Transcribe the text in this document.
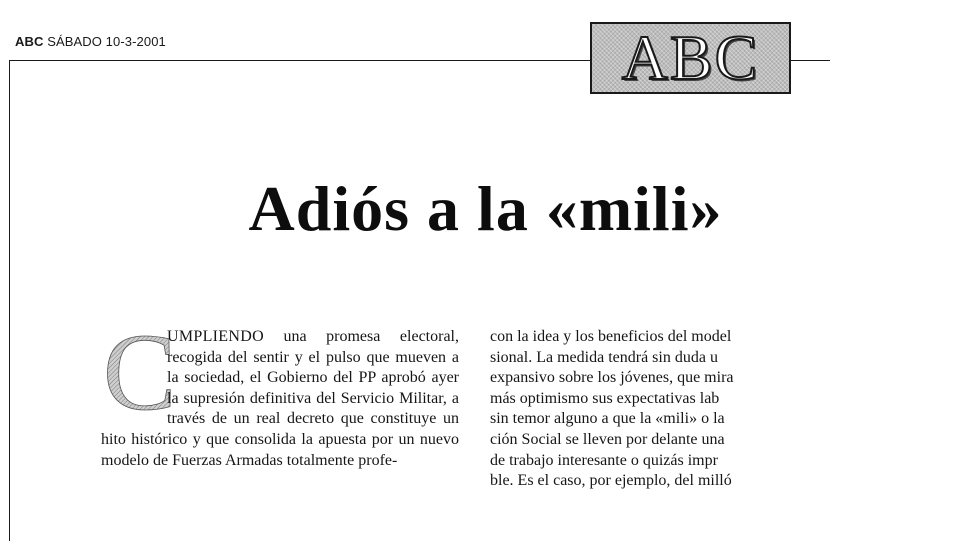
ABC SÁBADO 10-3-2001	ABC
Adiós a la «mili»
C
UMPLIENDO una promesa electoral, recogida del sentir y el pulso que mueven a la sociedad, el Gobierno del PP aprobó ayer la supresión definitiva del Servicio Militar, a través de un real decreto que constituye un hito histórico y que consolida la apuesta por un nuevo modelo de Fuerzas Armadas totalmente profe-
con la idea y los beneficios del model
sional. La medida tendrá sin duda u
expansivo sobre los jóvenes, que mira
más optimismo sus expectativas lab
sin temor alguno a que la «mili» o la
ción Social se lleven por delante una
de trabajo interesante o quizás impr
ble. Es el caso, por ejemplo, del milló
